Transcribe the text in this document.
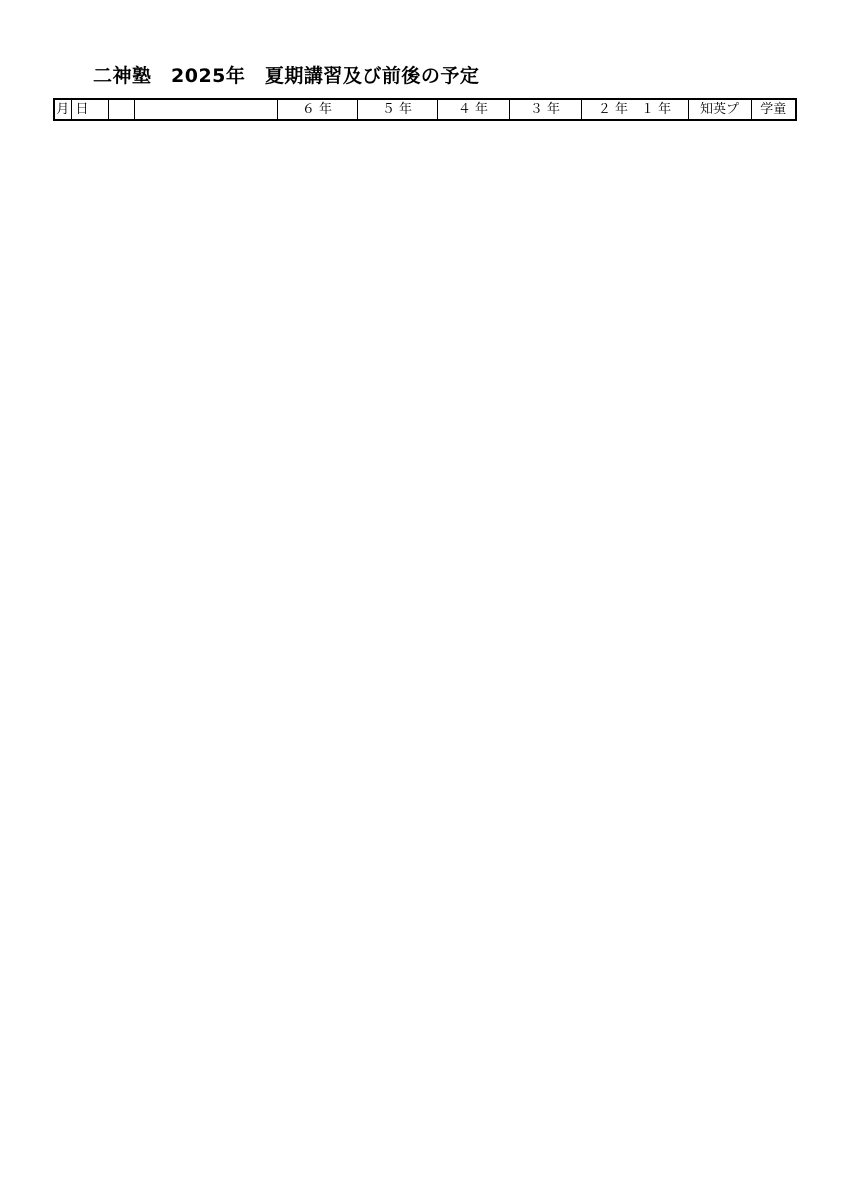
二神塾　2025年　夏期講習及び前後の予定
月	日			６ 年	５ 年	４ 年	３ 年	２ 年　１ 年	知英プ	学童
